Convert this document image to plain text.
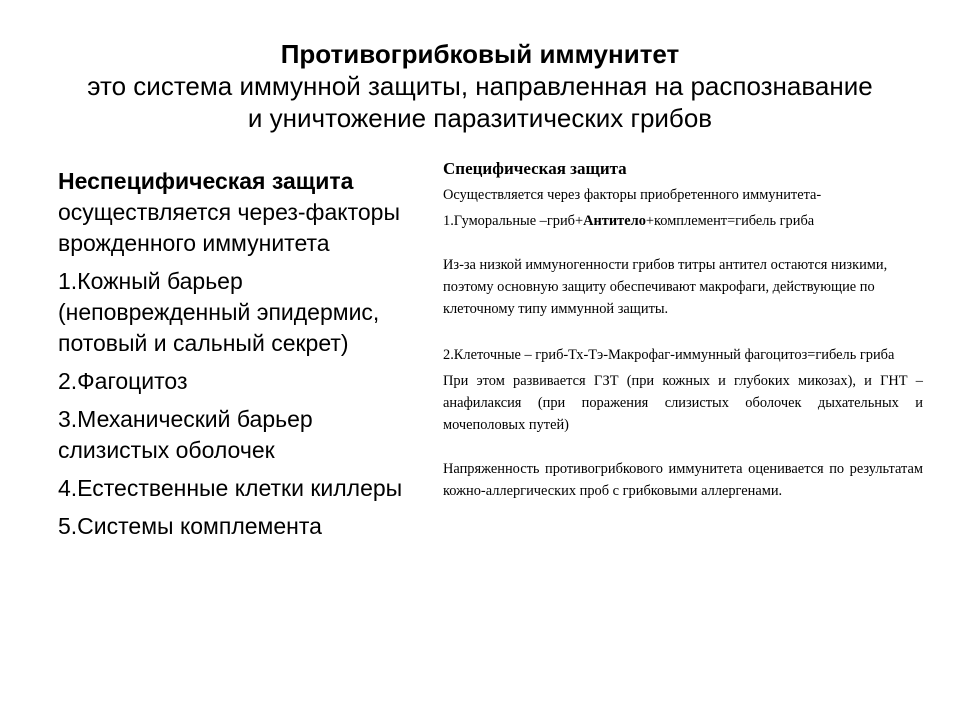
Противогрибковый иммунитет
это система иммунной защиты, направленная на распознавание
и уничтожение паразитических грибов
Неспецифическая защита осуществляется через-факторы врожденного иммунитета
1.Кожный барьер (неповрежденный эпидермис, потовый и сальный секрет)
2.Фагоцитоз
3.Механический барьер слизистых оболочек
4.Естественные клетки киллеры
5.Системы комплемента

Специфическая защита

Осуществляется через факторы приобретенного иммунитета-

1.Гуморальные –гриб+Антитело+комплемент=гибель гриба

Из-за низкой иммуногенности грибов титры антител остаются низкими, поэтому основную защиту обеспечивают макрофаги, действующие по клеточному типу иммунной защиты.

2.Клеточные – гриб-Тх-Тэ-Макрофаг-иммунный фагоцитоз=гибель гриба

При этом развивается ГЗТ (при кожных и глубоких микозах), и ГНТ –анафилаксия (при поражения слизистых оболочек дыхательных и мочеполовых путей)

Напряженность противогрибкового иммунитета оценивается по результатам кожно-аллергических проб с грибковыми аллергенами.
